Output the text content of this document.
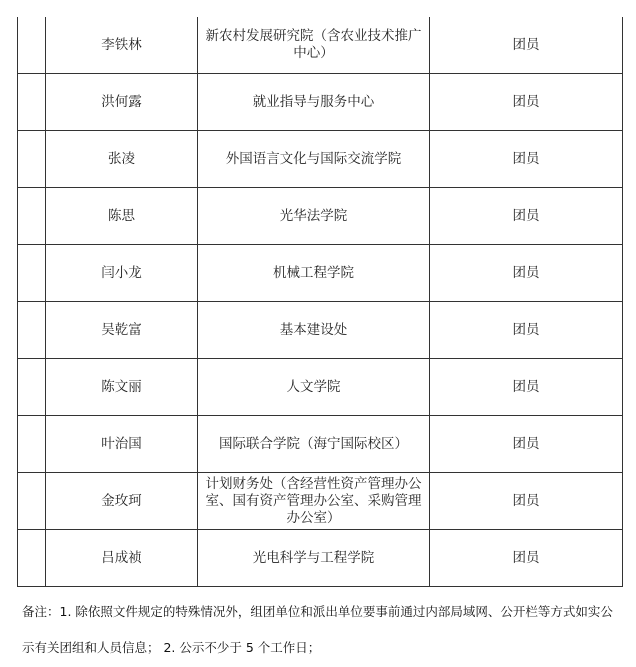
	李铁林	新农村发展研究院（含农业技术推广中心）	团员
	洪何露	就业指导与服务中心	团员
	张凌	外国语言文化与国际交流学院	团员
	陈思	光华法学院	团员
	闫小龙	机械工程学院	团员
	吴乾富	基本建设处	团员
	陈文丽	人文学院	团员
	叶治国	国际联合学院（海宁国际校区）	团员
	金玫珂	计划财务处（含经营性资产管理办公室、国有资产管理办公室、采购管理办公室）	团员
	吕成祯	光电科学与工程学院	团员

备注：1. 除依照文件规定的特殊情况外，组团单位和派出单位要事前通过内部局域网、公开栏等方式如实公

示有关团组和人员信息； 2. 公示不少于 5 个工作日；
